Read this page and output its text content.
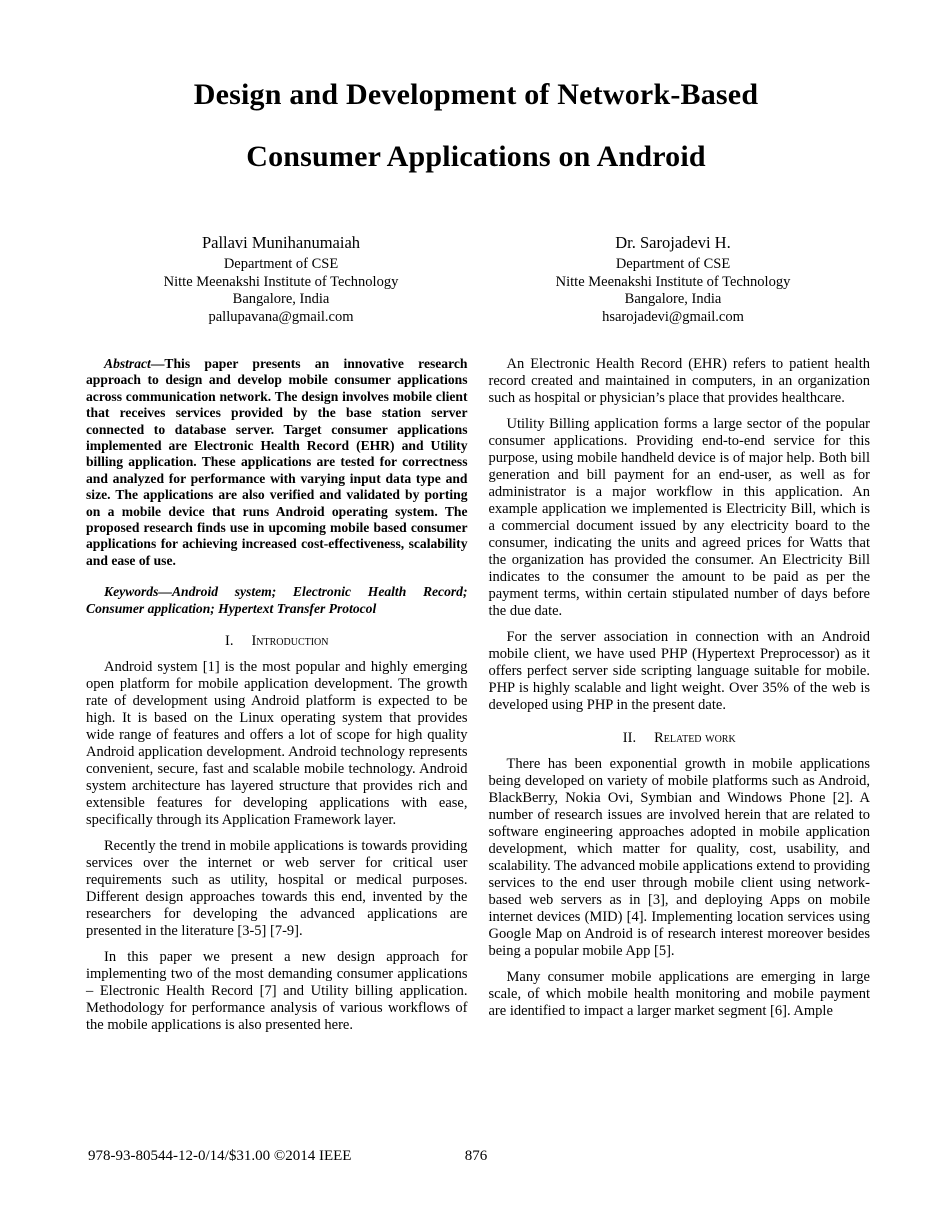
Design and Development of Network-Based
Consumer Applications on Android
Pallavi Munihanumaiah
Department of CSE
Nitte Meenakshi Institute of Technology
Bangalore, India
pallupavana@gmail.com
Dr. Sarojadevi H.
Department of CSE
Nitte Meenakshi Institute of Technology
Bangalore, India
hsarojadevi@gmail.com

Abstract—This paper presents an innovative research approach to design and develop mobile consumer applications across communication network. The design involves mobile client that receives services provided by the base station server connected to database server. Target consumer applications implemented are Electronic Health Record (EHR) and Utility billing application. These applications are tested for correctness and analyzed for performance with varying input data type and size. The applications are also verified and validated by porting on a mobile device that runs Android operating system. The proposed research finds use in upcoming mobile based consumer applications for achieving increased cost-effectiveness, scalability and ease of use.

Keywords—Android system; Electronic Health Record; Consumer application; Hypertext Transfer Protocol

I. Introduction

Android system [1] is the most popular and highly emerging open platform for mobile application development. The growth rate of development using Android platform is expected to be high. It is based on the Linux operating system that provides wide range of features and offers a lot of scope for high quality Android application development. Android technology represents convenient, secure, fast and scalable mobile technology. Android system architecture has layered structure that provides rich and extensible features for developing applications with ease, specifically through its Application Framework layer.

Recently the trend in mobile applications is towards providing services over the internet or web server for critical user requirements such as utility, hospital or medical purposes. Different design approaches towards this end, invented by the researchers for developing the advanced applications are presented in the literature [3-5] [7-9].

In this paper we present a new design approach for implementing two of the most demanding consumer applications – Electronic Health Record [7] and Utility billing application. Methodology for performance analysis of various workflows of the mobile applications is also presented here.

An Electronic Health Record (EHR) refers to patient health record created and maintained in computers, in an organization such as hospital or physician’s place that provides healthcare.

Utility Billing application forms a large sector of the popular consumer applications. Providing end-to-end service for this purpose, using mobile handheld device is of major help. Both bill generation and bill payment for an end-user, as well as for administrator is a major workflow in this application. An example application we implemented is Electricity Bill, which is a commercial document issued by any electricity board to the consumer, indicating the units and agreed prices for Watts that the organization has provided the consumer. An Electricity Bill indicates to the consumer the amount to be paid as per the payment terms, within certain stipulated number of days before the due date.

For the server association in connection with an Android mobile client, we have used PHP (Hypertext Preprocessor) as it offers perfect server side scripting language suitable for mobile. PHP is highly scalable and light weight. Over 35% of the web is developed using PHP in the present date.

II. Related work

There has been exponential growth in mobile applications being developed on variety of mobile platforms such as Android, BlackBerry, Nokia Ovi, Symbian and Windows Phone [2]. A number of research issues are involved herein that are related to software engineering approaches adopted in mobile application development, which matter for quality, cost, usability, and scalability. The advanced mobile applications extend to providing services to the end user through mobile client using network-based web servers as in [3], and deploying Apps on mobile internet devices (MID) [4]. Implementing location services using Google Map on Android is of research interest moreover besides being a popular mobile App [5].

Many consumer mobile applications are emerging in large scale, of which mobile health monitoring and mobile payment are identified to impact a larger market segment [6]. Ample

978-93-80544-12-0/14/$31.00 ©2014 IEEE	876
